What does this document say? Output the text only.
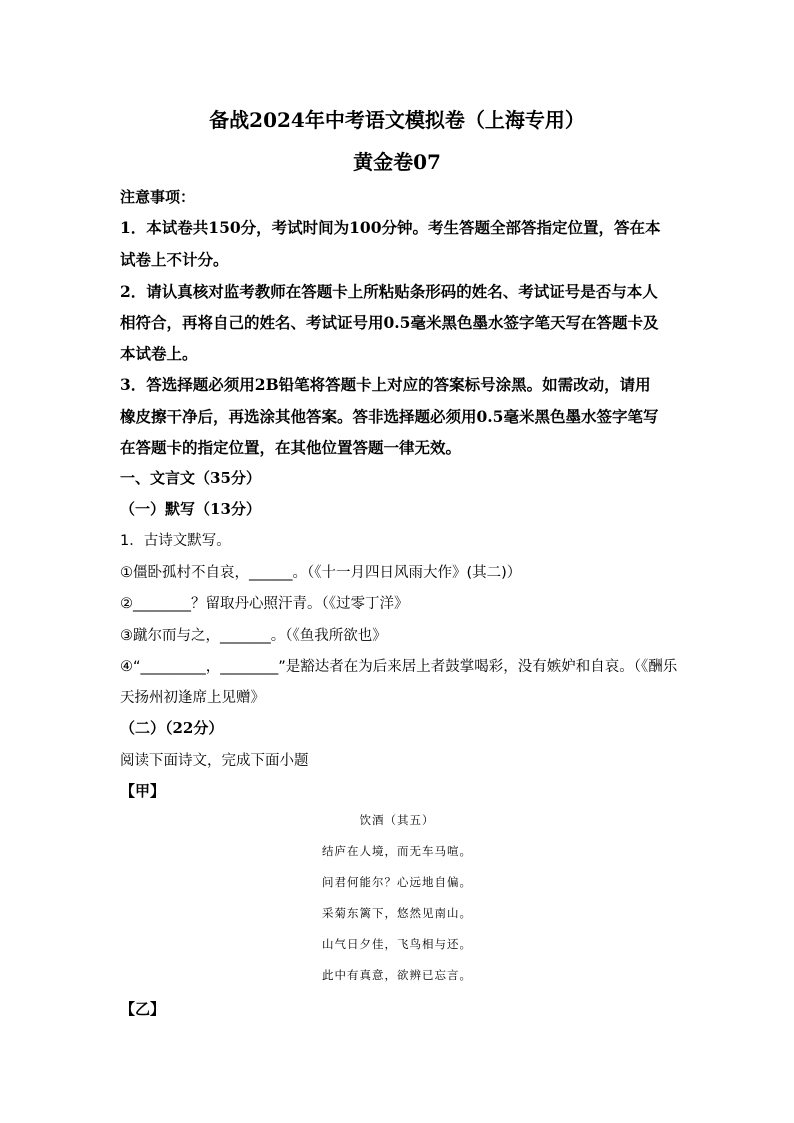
备战2024年中考语文模拟卷（上海专用）
黄金卷07
注意事项：
1．本试卷共150分，考试时间为100分钟。考生答题全部答指定位置，答在本
试卷上不计分。
2．请认真核对监考教师在答题卡上所粘贴条形码的姓名、考试证号是否与本人
相符合，再将自己的姓名、考试证号用0.5毫米黑色墨水签字笔天写在答题卡及
本试卷上。
3．答选择题必须用2B铅笔将答题卡上对应的答案标号涂黑。如需改动，请用
橡皮擦干净后，再选涂其他答案。答非选择题必须用0.5毫米黑色墨水签字笔写
在答题卡的指定位置，在其他位置答题一律无效。
一、文言文（35分）
（一）默写（13分）
1．古诗文默写。
①僵卧孤村不自哀，______。（《十一月四日风雨大作》(其二)）
②________？留取丹心照汗青。（《过零丁洋》
③蹴尔而与之，_______。（《鱼我所欲也》
④“_________，________”是豁达者在为后来居上者鼓掌喝彩，没有嫉妒和自哀。（《酬乐
天扬州初逢席上见赠》
（二）（22分）
阅读下面诗文，完成下面小题
【甲】
饮酒（其五）
结庐在人境，而无车马喧。
问君何能尔？心远地自偏。
采菊东篱下，悠然见南山。
山气日夕佳，飞鸟相与还。
此中有真意，欲辨已忘言。
【乙】
